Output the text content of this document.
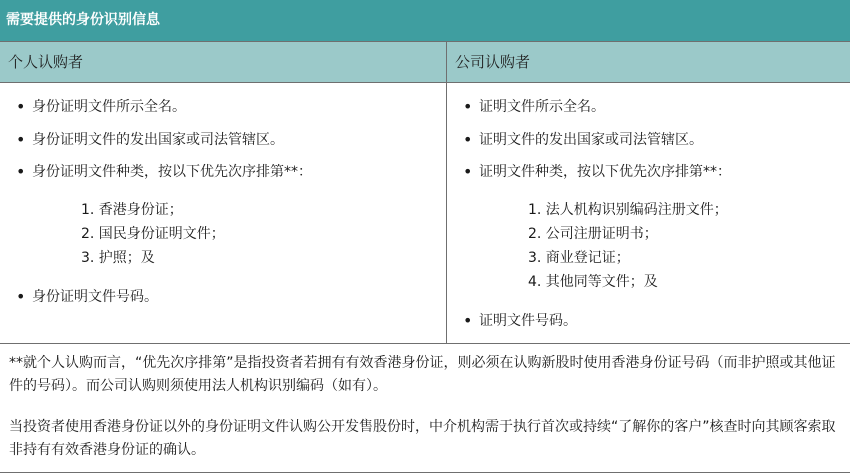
需要提供的身份识别信息
个人认购者	公司认购者
• 身份证明文件所示全名。
• 身份证明文件的发出国家或司法管辖区。
• 身份证明文件种类，按以下优先次序排第**：
1. 香港身份证；
2. 国民身份证明文件；
3. 护照；及
• 身份证明文件号码。
• 证明文件所示全名。
• 证明文件的发出国家或司法管辖区。
• 证明文件种类，按以下优先次序排第**：
1. 法人机构识别编码注册文件；
2. 公司注册证明书；
3. 商业登记证；
4. 其他同等文件；及
• 证明文件号码。
**就个人认购而言，“优先次序排第”是指投资者若拥有有效香港身份证，则必须在认购新股时使用香港身份证号码（而非护照或其他证件的号码）。而公司认购则须使用法人机构识别编码（如有）。
当投资者使用香港身份证以外的身份证明文件认购公开发售股份时，中介机构需于执行首次或持续“了解你的客户”核查时向其顾客索取非持有有效香港身份证的确认。
